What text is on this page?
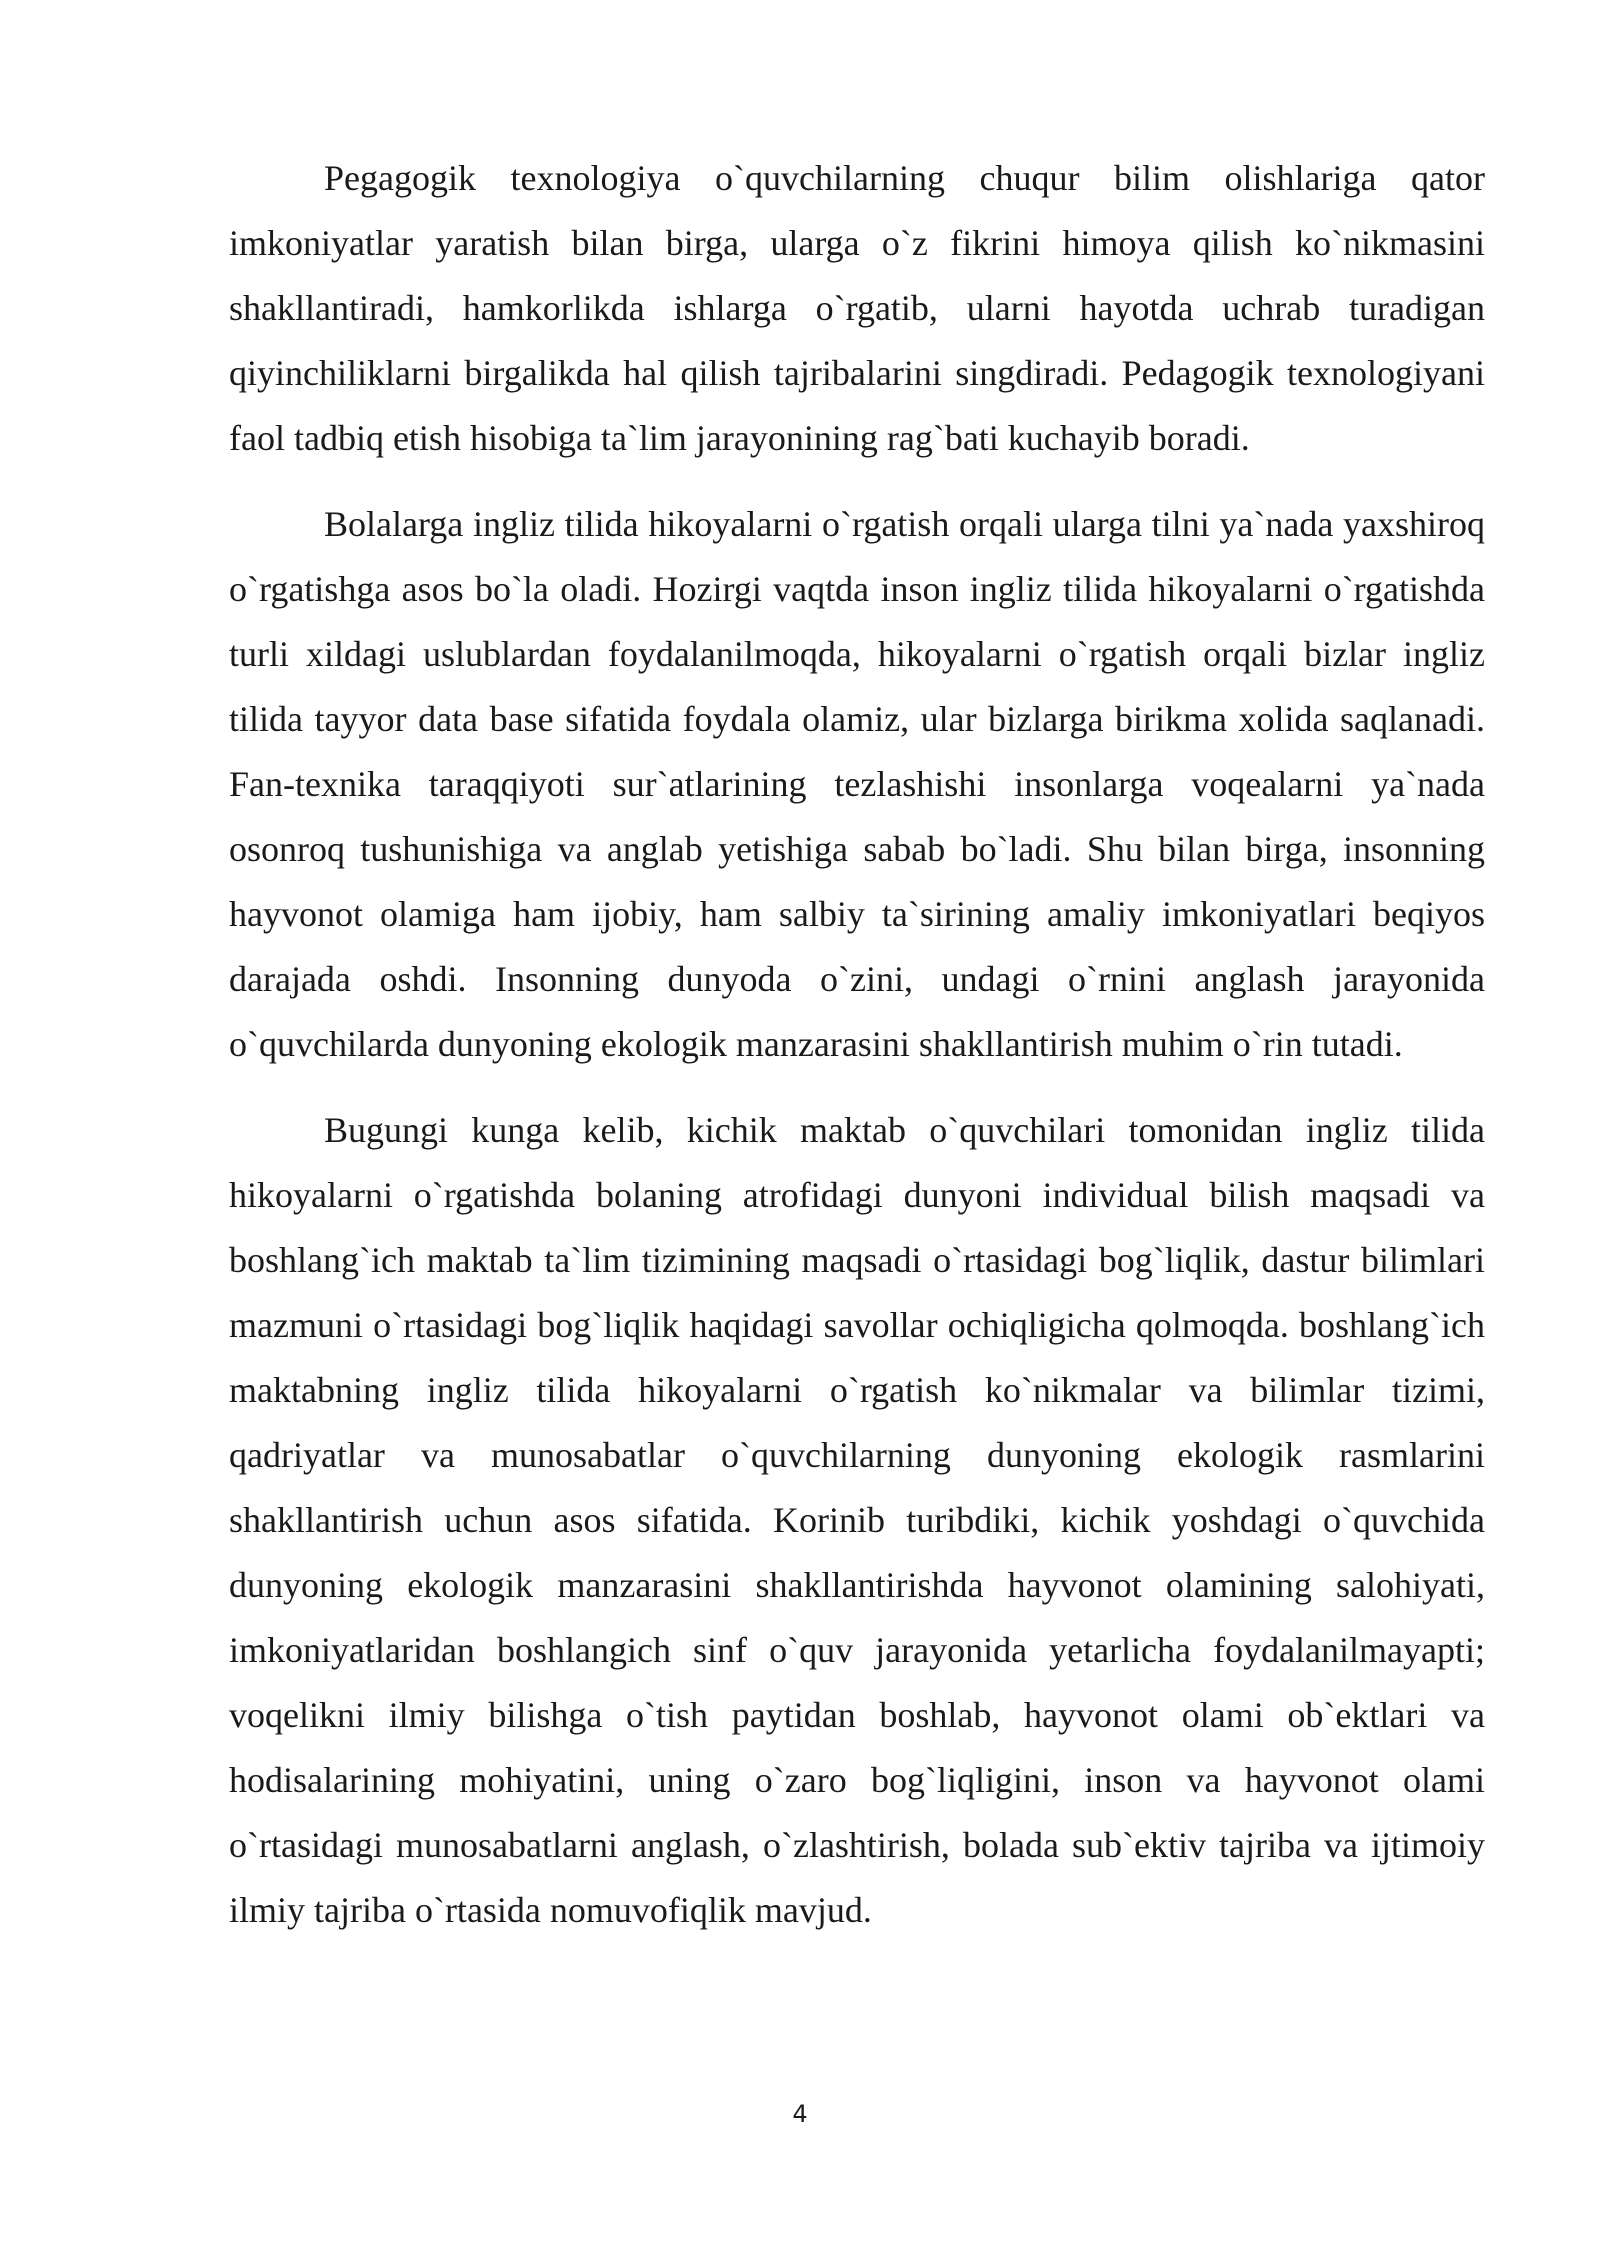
Pegagogik texnologiya o`quvchilarning chuqur bilim olishlariga qator imkoniyatlar yaratish bilan birga, ularga o`z fikrini himoya qilish ko`nikmasini shakllantiradi, hamkorlikda ishlarga o`rgatib, ularni hayotda uchrab turadigan qiyinchiliklarni birgalikda hal qilish tajribalarini singdiradi. Pedagogik texnologiyani faol tadbiq etish hisobiga ta`lim jarayonining rag`bati kuchayib boradi.

Bolalarga ingliz tilida hikoyalarni o`rgatish orqali ularga tilni ya`nada yaxshiroq o`rgatishga asos bo`la oladi. Hozirgi vaqtda inson ingliz tilida hikoyalarni o`rgatishda turli xildagi uslublardan foydalanilmoqda, hikoyalarni o`rgatish orqali bizlar ingliz tilida tayyor data base sifatida foydala olamiz, ular bizlarga birikma xolida saqlanadi. Fan-texnika taraqqiyoti sur`atlarining tezlashishi insonlarga voqealarni ya`nada osonroq tushunishiga va anglab yetishiga sabab bo`ladi. Shu bilan birga, insonning hayvonot olamiga ham ijobiy, ham salbiy ta`sirining amaliy imkoniyatlari beqiyos darajada oshdi. Insonning dunyoda o`zini, undagi o`rnini anglash jarayonida o`quvchilarda dunyoning ekologik manzarasini shakllantirish muhim o`rin tutadi.

Bugungi kunga kelib, kichik maktab o`quvchilari tomonidan ingliz tilida hikoyalarni o`rgatishda bolaning atrofidagi dunyoni individual bilish maqsadi va boshlang`ich maktab ta`lim tizimining maqsadi o`rtasidagi bog`liqlik, dastur bilimlari mazmuni o`rtasidagi bog`liqlik haqidagi savollar ochiqligicha qolmoqda. boshlang`ich maktabning ingliz tilida hikoyalarni o`rgatish ko`nikmalar va bilimlar tizimi, qadriyatlar va munosabatlar o`quvchilarning dunyoning ekologik rasmlarini shakllantirish uchun asos sifatida. Korinib turibdiki, kichik yoshdagi o`quvchida dunyoning ekologik manzarasini shakllantirishda hayvonot olamining salohiyati, imkoniyatlaridan boshlangich sinf o`quv jarayonida yetarlicha foydalanilmayapti; voqelikni ilmiy bilishga o`tish paytidan boshlab, hayvonot olami ob`ektlari va hodisalarining mohiyatini, uning o`zaro bog`liqligini, inson va hayvonot olami o`rtasidagi munosabatlarni anglash, o`zlashtirish, bolada sub`ektiv tajriba va ijtimoiy ilmiy tajriba o`rtasida nomuvofiqlik mavjud.

4
